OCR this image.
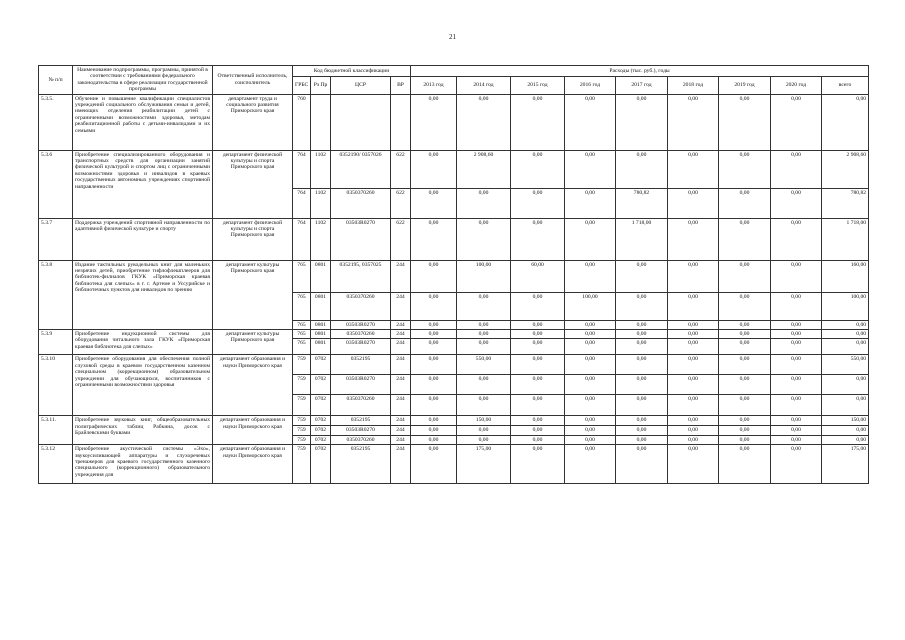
21
№ п/п	Наименование подпрограммы, программы, принятой в соответствии с требованиями федерального законодательства в сфере реализации государственной программы	Ответственный исполнитель, соисполнитель	Код бюджетной классификации				Расходы (тыс. руб.), годы								
			ГРБС	Рз Пр	ЦСР	ВР	2013 год	2014 год	2015 год	2016 год	2017 год	2018 год	2019 год	2020 год	всего
5.3.5.	Обучение и повышение квалификации специалистов учреждений социального обслуживания семьи и детей, имеющих отделения реабилитации детей с ограниченными возможностями здоровья, методам реабилитационной работы с детьми-инвалидами и их семьями	департамент труда и социального развития Приморского края	760				0,00	0,00	0,00	0,00	0,00	0,00	0,00	0,00	0,00
5.3.6	Приобретение специализированного оборудования и транспортных средств для организации занятий физической культурой и спортом лиц с ограниченными возможностями здоровья и инвалидов в краевых государственных автономных учреждениях спортивной направленности	департамент физической культуры и спорта Приморского края	764	1102	0352190/ 0357026	622	0,00	2 908,60	0,00	0,00	0,00	0,00	0,00	0,00	2 908,60
			764	1102	0350370260	622	0,00	0,00	0,00	0,00	780,82	0,00	0,00	0,00	780,82
5.3.7	Поддержка учреждений спортивной направленности по адаптивной физической культуре и спорту	департамент физической культуры и спорта Приморского края	764	1102	03503R0270	622	0,00	0,00	0,00	0,00	1 718,00	0,00	0,00	0,00	1 718,00
5.3.8	Издание тактильных рукодельных книг для маленьких незрячих детей, приобретение тифлофлешплееров для библиотек-филиалов ГКУК «Приморская краевая библиотека для слепых» в г. г. Артеме и Уссурийске и библиотечных пунктов для инвалидов по зрению	департамент культуры Приморского края	765	0801	0352195, 0357025	244	0,00	100,00	60,00	0,00	0,00	0,00	0,00	0,00	160,00
			765	0801	0350370260	244	0,00	0,00	0,00	100,00	0,00	0,00	0,00	0,00	100,00
			765	0801	03503R0270	244	0,00	0,00	0,00	0,00	0,00	0,00	0,00	0,00	0,00
5.3.9	Приобретение индукционной системы для оборудования читального зала ГКУК «Приморская краевая библиотека для слепых»	департамент культуры Приморского края	765	0801	0350370260	244	0,00	0,00	0,00	0,00	0,00	0,00	0,00	0,00	0,00
			765	0801	03503R0270	244	0,00	0,00	0,00	0,00	0,00	0,00	0,00	0,00	0,00
5.3.10	Приобретение оборудования для обеспечения полной слуховой среды в краевом государственном казенном специальном (коррекционном) образовательном учреждении для обучающихся, воспитанников с ограниченными возможностями здоровья	департамент образования и науки Приморского края	759	0702	0352195	244	0,00	550,00	0,00	0,00	0,00	0,00	0,00	0,00	550,00
			759	0702	03503R0270	244	0,00	0,00	0,00	0,00	0,00	0,00	0,00	0,00	0,00
			759	0702	0350370260	244	0,00	0,00	0,00	0,00	0,00	0,00	0,00	0,00	0,00
5.3.11.	Приобретение звуковых книг, общеобразовательных полиграфических таблиц Рабкина, досок с Брайлевскими буквами	департамент образования и науки Приморского края	759	0702	0352195	244	0,00	150,00	0,00	0,00	0,00	0,00	0,00	0,00	150,00
			759	0702	03503R0270	244	0,00	0,00	0,00	0,00	0,00	0,00	0,00	0,00	0,00
			759	0702	0350370260	244	0,00	0,00	0,00	0,00	0,00	0,00	0,00	0,00	0,00
5.3.12	Приобретение акустической системы «Эхо», звукоусиливающей аппаратуры и слухоречевых тренажеров для краевого государственного казенного специального (коррекционного) образовательного учреждения для	департамент образования и науки Приморского края	759	0702	0352195	244	0,00	175,00	0,00	0,00	0,00	0,00	0,00	0,00	175,00
